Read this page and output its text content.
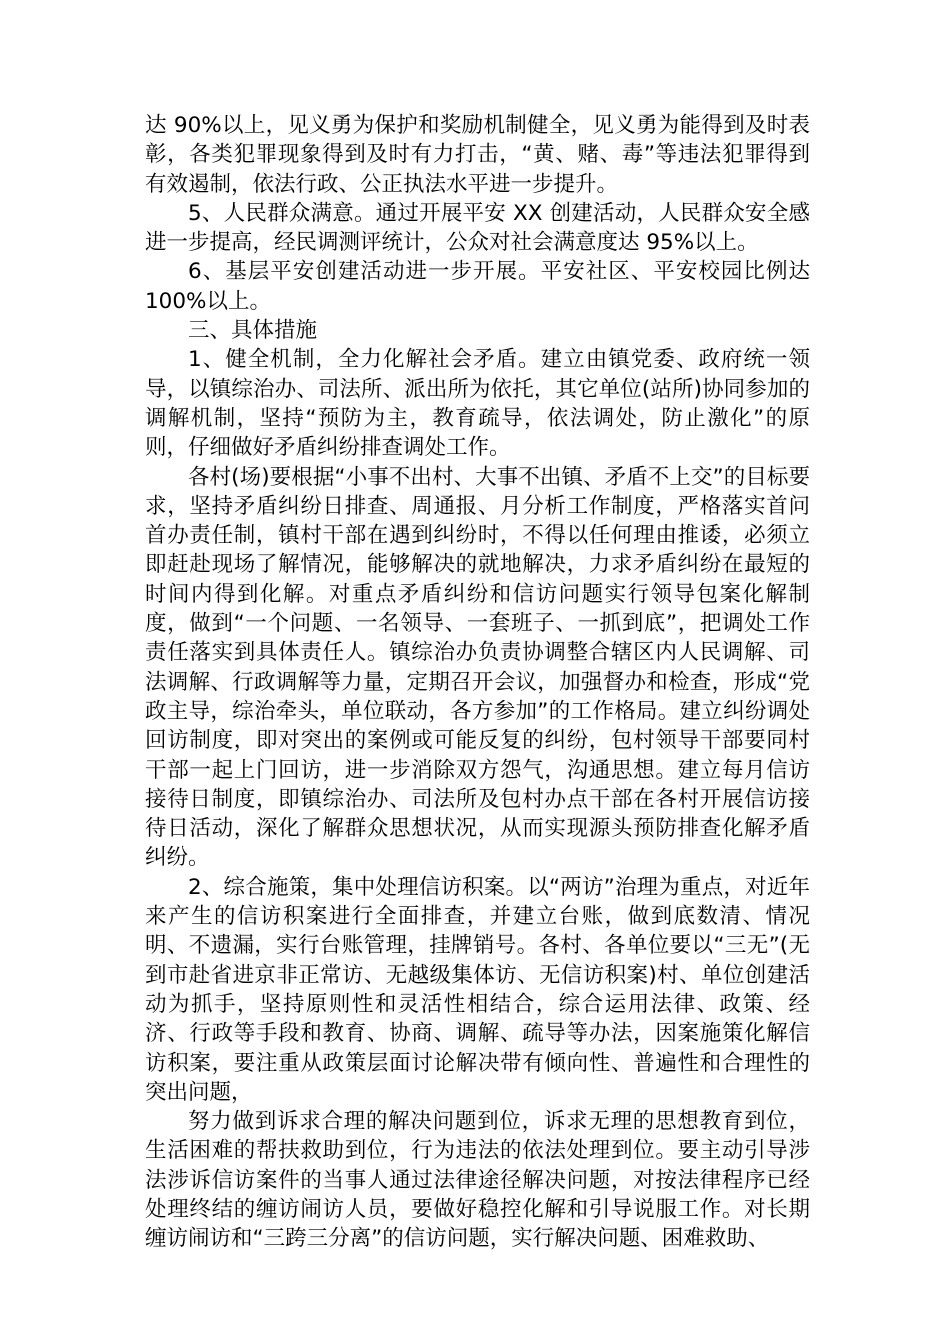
达 90%以上，见义勇为保护和奖励机制健全，见义勇为能得到及时表彰，各类犯罪现象得到及时有力打击，“黄、赌、毒”等违法犯罪得到有效遏制，依法行政、公正执法水平进一步提升。

5、人民群众满意。通过开展平安 XX 创建活动，人民群众安全感进一步提高，经民调测评统计，公众对社会满意度达 95%以上。

6、基层平安创建活动进一步开展。平安社区、平安校园比例达 100%以上。

三、具体措施

1、健全机制，全力化解社会矛盾。建立由镇党委、政府统一领导，以镇综治办、司法所、派出所为依托，其它单位(站所)协同参加的调解机制，坚持“预防为主，教育疏导，依法调处，防止激化”的原则，仔细做好矛盾纠纷排查调处工作。

各村(场)要根据“小事不出村、大事不出镇、矛盾不上交”的目标要求，坚持矛盾纠纷日排查、周通报、月分析工作制度，严格落实首问首办责任制，镇村干部在遇到纠纷时，不得以任何理由推诿，必须立即赶赴现场了解情况，能够解决的就地解决，力求矛盾纠纷在最短的时间内得到化解。对重点矛盾纠纷和信访问题实行领导包案化解制度，做到“一个问题、一名领导、一套班子、一抓到底”，把调处工作责任落实到具体责任人。镇综治办负责协调整合辖区内人民调解、司法调解、行政调解等力量，定期召开会议，加强督办和检查，形成“党政主导，综治牵头，单位联动，各方参加”的工作格局。建立纠纷调处回访制度，即对突出的案例或可能反复的纠纷，包村领导干部要同村干部一起上门回访，进一步消除双方怨气，沟通思想。建立每月信访接待日制度，即镇综治办、司法所及包村办点干部在各村开展信访接待日活动，深化了解群众思想状况，从而实现源头预防排查化解矛盾纠纷。

2、综合施策，集中处理信访积案。以“两访”治理为重点，对近年来产生的信访积案进行全面排查，并建立台账，做到底数清、情况明、不遗漏，实行台账管理，挂牌销号。各村、各单位要以“三无”(无到市赴省进京非正常访、无越级集体访、无信访积案)村、单位创建活动为抓手，坚持原则性和灵活性相结合，综合运用法律、政策、经济、行政等手段和教育、协商、调解、疏导等办法，因案施策化解信访积案，要注重从政策层面讨论解决带有倾向性、普遍性和合理性的突出问题，

努力做到诉求合理的解决问题到位，诉求无理的思想教育到位，生活困难的帮扶救助到位，行为违法的依法处理到位。要主动引导涉法涉诉信访案件的当事人通过法律途径解决问题，对按法律程序已经处理终结的缠访闹访人员，要做好稳控化解和引导说服工作。对长期缠访闹访和“三跨三分离”的信访问题，实行解决问题、困难救助、
